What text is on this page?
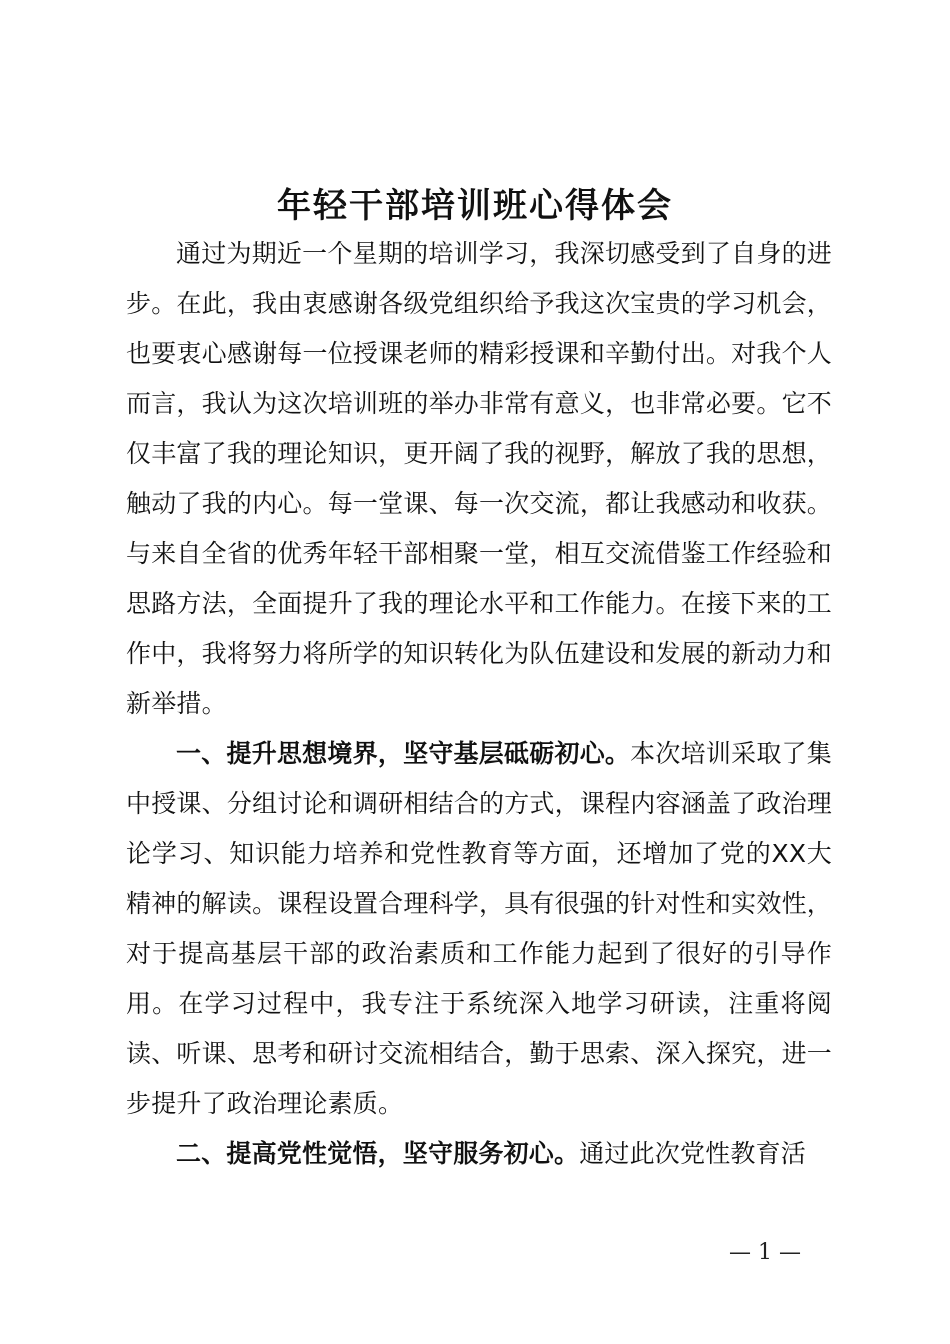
年轻干部培训班心得体会

通过为期近一个星期的培训学习，我深切感受到了自身的进步。在此，我由衷感谢各级党组织给予我这次宝贵的学习机会，也要衷心感谢每一位授课老师的精彩授课和辛勤付出。对我个人而言，我认为这次培训班的举办非常有意义，也非常必要。它不仅丰富了我的理论知识，更开阔了我的视野，解放了我的思想，触动了我的内心。每一堂课、每一次交流，都让我感动和收获。与来自全省的优秀年轻干部相聚一堂，相互交流借鉴工作经验和思路方法，全面提升了我的理论水平和工作能力。在接下来的工作中，我将努力将所学的知识转化为队伍建设和发展的新动力和新举措。

一、提升思想境界，坚守基层砥砺初心。本次培训采取了集中授课、分组讨论和调研相结合的方式，课程内容涵盖了政治理论学习、知识能力培养和党性教育等方面，还增加了党的XX大精神的解读。课程设置合理科学，具有很强的针对性和实效性，对于提高基层干部的政治素质和工作能力起到了很好的引导作用。在学习过程中，我专注于系统深入地学习研读，注重将阅读、听课、思考和研讨交流相结合，勤于思索、深入探究，进一步提升了政治理论素质。

二、提高党性觉悟，坚守服务初心。通过此次党性教育活

— 1 —
